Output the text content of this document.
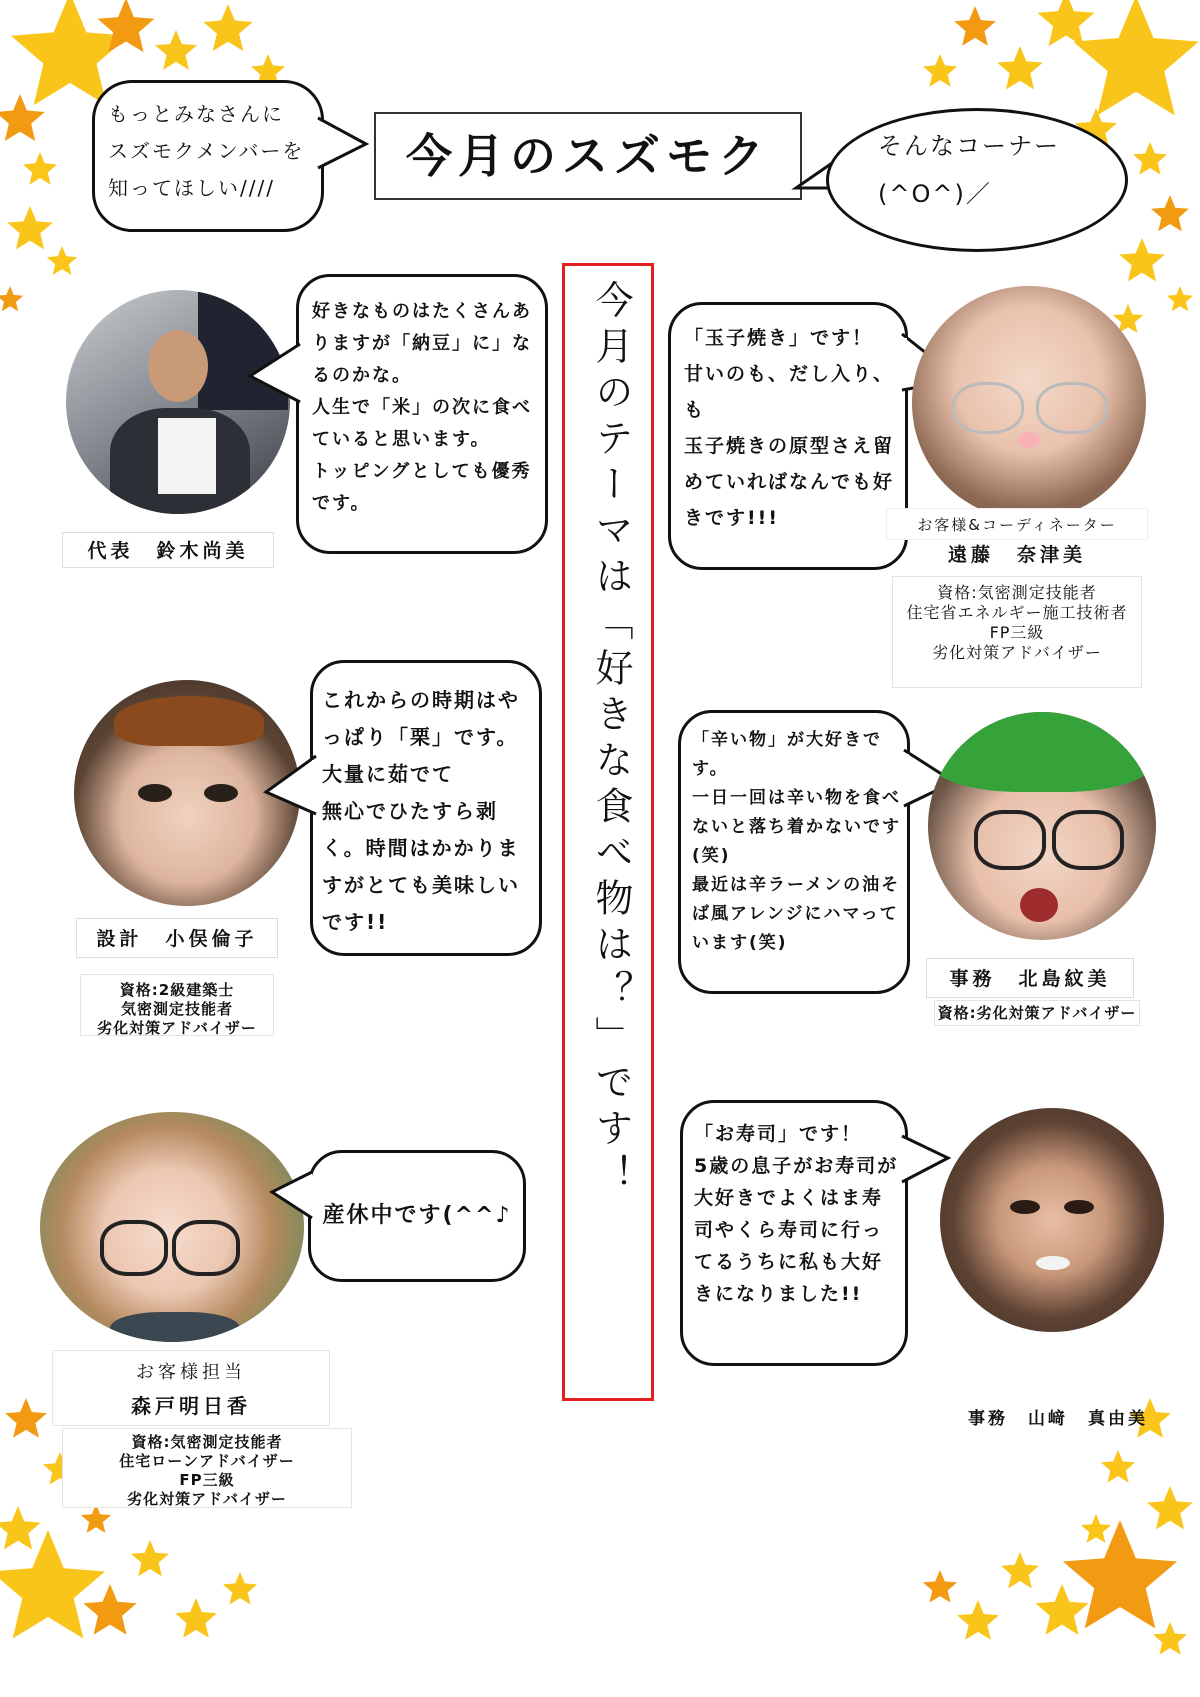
もっとみなさんに
スズモクメンバーを
知ってほしい////
今月のスズモク	そんなコーナー
(^O^)／
今月のテーマは「好きな食べ物は？」です！
好きなものはたくさんありますが「納豆」に」なるのかな。
人生で「米」の次に食べていると思います。
トッピングとしても優秀です。
代表　鈴木尚美
「玉子焼き」です！
甘いのも、だし入り、も
玉子焼きの原型さえ留めていればなんでも好きです!!!	お客様&コーディネーター
遠藤　奈津美
資格:気密測定技能者
住宅省エネルギー施工技術者
FP三級
劣化対策アドバイザー
これからの時期はやっぱり「栗」です。
大量に茹でて
無心でひたすら剥く。時間はかかりますがとても美味しいです!!
設計　小俣倫子
資格:2級建築士
気密測定技能者
劣化対策アドバイザー
「辛い物」が大好きです。
一日一回は辛い物を食べないと落ち着かないです(笑)
最近は辛ラーメンの油そば風アレンジにハマっています(笑)
事務　北島紋美
資格:劣化対策アドバイザー
産休中です(^^♪
お客様担当
森戸明日香
資格:気密測定技能者
住宅ローンアドバイザー
FP三級
劣化対策アドバイザー
「お寿司」です！
5歳の息子がお寿司が大好きでよくはま寿司やくら寿司に行ってるうちに私も大好きになりました!!
事務　山﨑　真由美
